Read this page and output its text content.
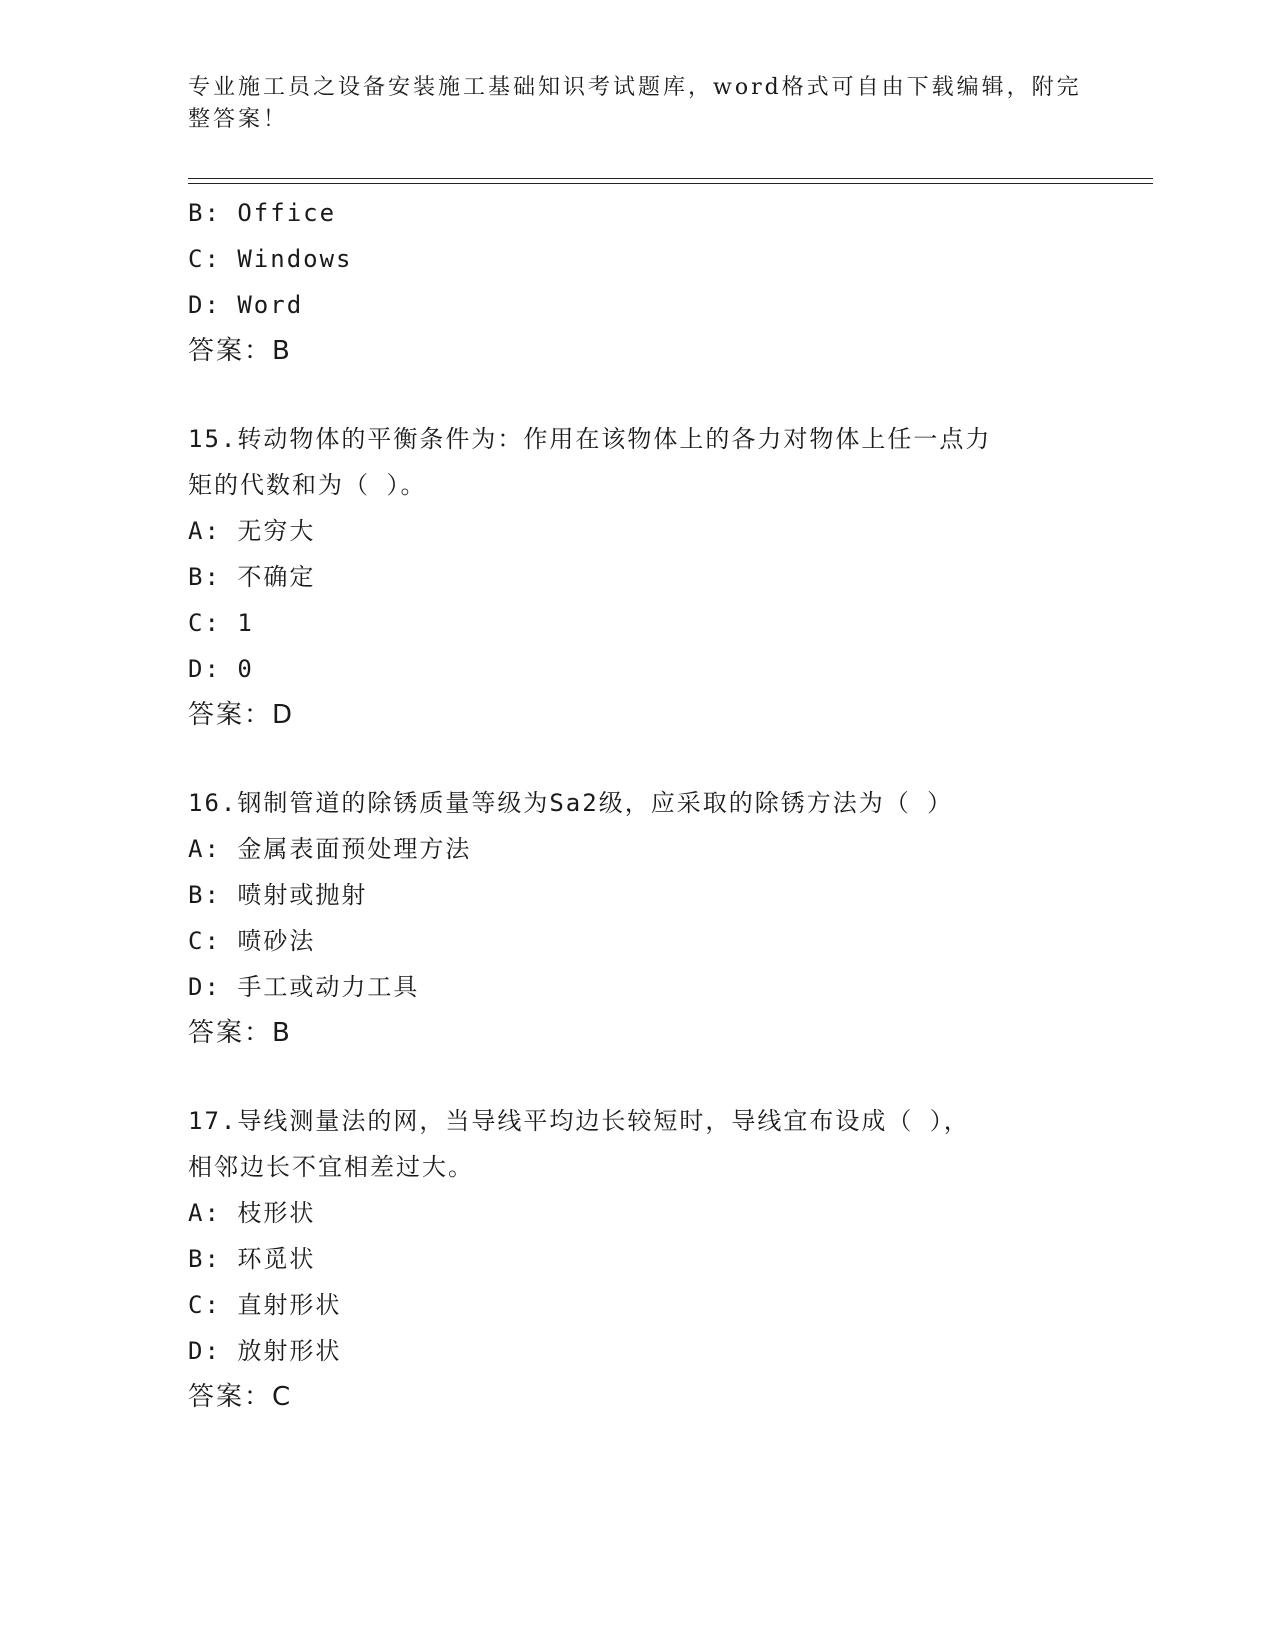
专业施工员之设备安装施工基础知识考试题库，word格式可自由下载编辑，附完
整答案！
B: Office
C: Windows
D: Word
答案：B
15.转动物体的平衡条件为：作用在该物体上的各力对物体上任一点力
矩的代数和为（ ）。
A: 无穷大
B: 不确定
C: 1
D: 0
答案：D
16.钢制管道的除锈质量等级为Sa2级，应采取的除锈方法为（ ）
A: 金属表面预处理方法
B: 喷射或抛射
C: 喷砂法
D: 手工或动力工具
答案：B
17.导线测量法的网，当导线平均边长较短时，导线宜布设成（ ），
相邻边长不宜相差过大。
A: 枝形状
B: 环觅状
C: 直射形状
D: 放射形状
答案：C
